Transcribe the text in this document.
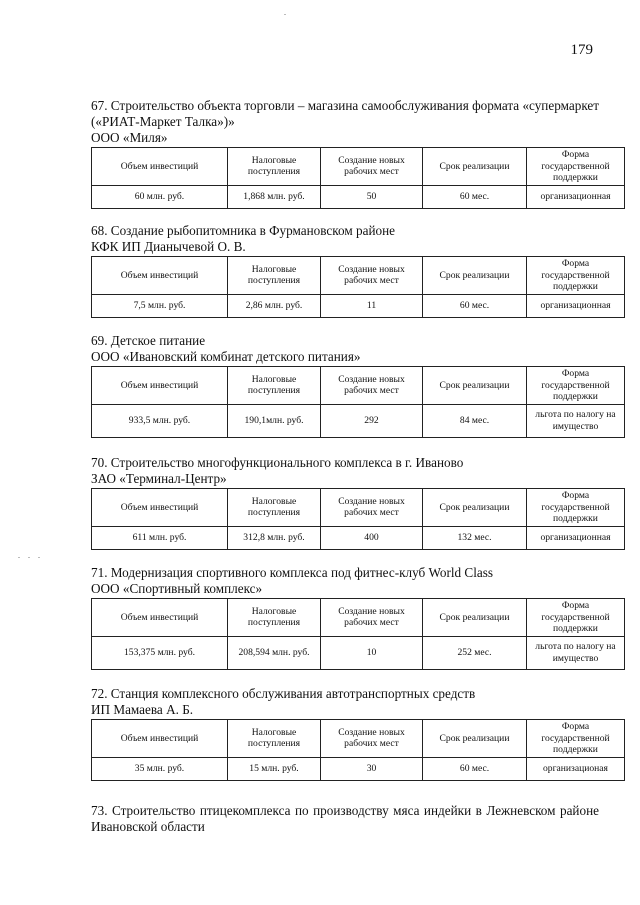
179

67. Строительство объекта торговли – магазина самообслуживания формата «супермаркет («РИАТ-Маркет Талка»)»

ООО «Миля»

Объем инвестиций	Налоговые поступления	Создание новых рабочих мест	Срок реализации	Форма государственной поддержки
60 млн. руб.	1,868 млн. руб.	50	60 мес.	организационная

68. Создание рыбопитомника в Фурмановском районе

КФК ИП Дианычевой О. В.

Объем инвестиций	Налоговые поступления	Создание новых рабочих мест	Срок реализации	Форма государственной поддержки
7,5 млн. руб.	2,86 млн. руб.	11	60 мес.	организационная

69. Детское питание

ООО «Ивановский комбинат детского питания»

Объем инвестиций	Налоговые поступления	Создание новых рабочих мест	Срок реализации	Форма государственной поддержки
933,5 млн. руб.	190,1млн. руб.	292	84 мес.	льгота по налогу на имущество

70. Строительство многофункционального комплекса в г. Иваново

ЗАО «Терминал-Центр»

Объем инвестиций	Налоговые поступления	Создание новых рабочих мест	Срок реализации	Форма государственной поддержки
611 млн. руб.	312,8 млн. руб.	400	132 мес.	организационная

71. Модернизация спортивного комплекса под фитнес-клуб World Class

ООО «Спортивный комплекс»

Объем инвестиций	Налоговые поступления	Создание новых рабочих мест	Срок реализации	Форма государственной поддержки
153,375 млн. руб.	208,594 млн. руб.	10	252 мес.	льгота по налогу на имущество

72. Станция комплексного обслуживания автотранспортных средств

ИП Мамаева А. Б.

Объем инвестиций	Налоговые поступления	Создание новых рабочих мест	Срок реализации	Форма государственной поддержки
35 млн. руб.	15 млн. руб.	30	60 мес.	организационая

73. Строительство птицекомплекса по производству мяса индейки в Лежневском районе Ивановской области
